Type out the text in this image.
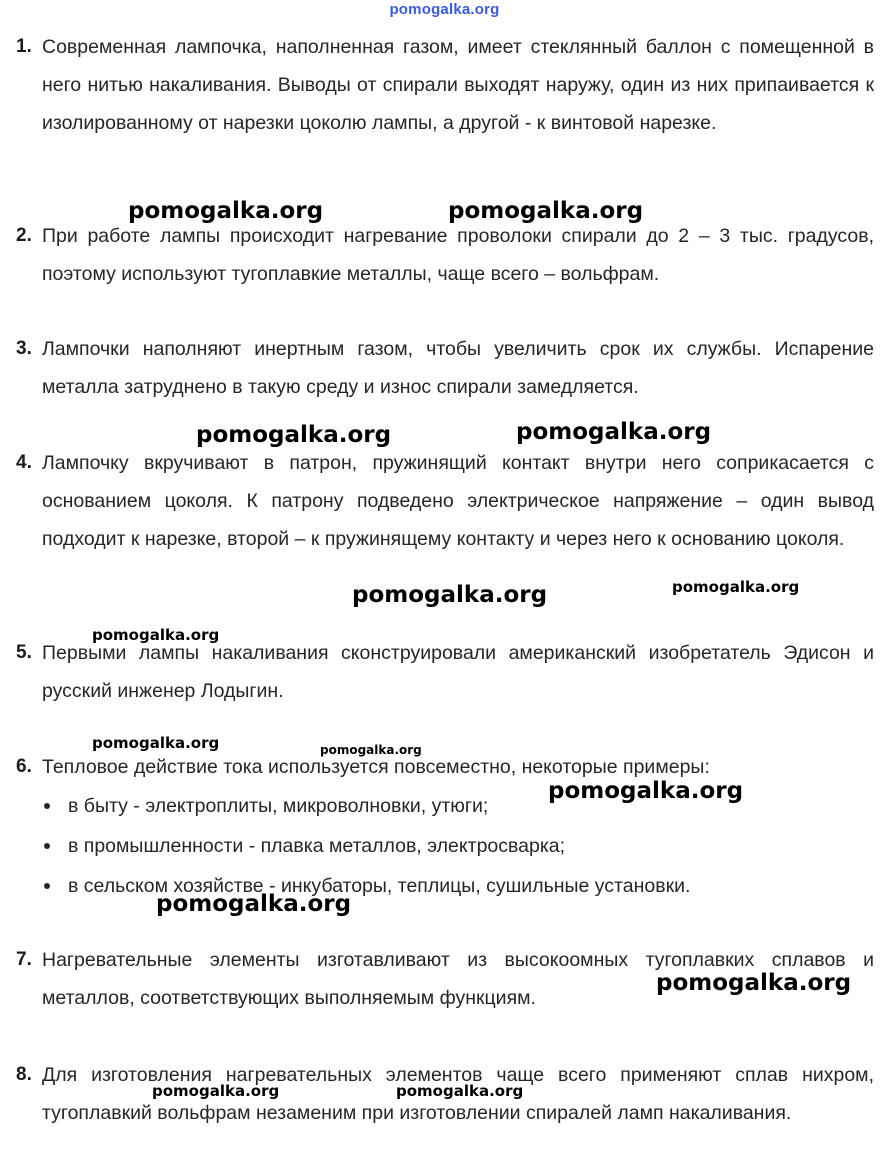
pomogalka.org
1. Современная лампочка, наполненная газом, имеет стеклянный баллон с помещенной в него нитью накаливания. Выводы от спирали выходят наружу, один из них припаивается к изолированному от нарезки цоколю лампы, а другой - к винтовой нарезке.

2. При работе лампы происходит нагревание проволоки спирали до 2 – 3 тыс. градусов, поэтому используют тугоплавкие металлы, чаще всего – вольфрам.

3. Лампочки наполняют инертным газом, чтобы увеличить срок их службы. Испарение металла затруднено в такую среду и износ спирали замедляется.

4. Лампочку вкручивают в патрон, пружинящий контакт внутри него соприкасается с основанием цоколя. К патрону подведено электрическое напряжение – один вывод подходит к нарезке, второй – к пружинящему контакту и через него к основанию цоколя.

5. Первыми лампы накаливания сконструировали американский изобретатель Эдисон и русский инженер Лодыгин.

6. Тепловое действие тока используется повсеместно, некоторые примеры:

в быту - электроплиты, микроволновки, утюги;
в промышленности - плавка металлов, электросварка;
в сельском хозяйстве - инкубаторы, теплицы, сушильные установки.
7. Нагревательные элементы изготавливают из высокоомных тугоплавких сплавов и металлов, соответствующих выполняемым функциям.

8. Для изготовления нагревательных элементов чаще всего применяют сплав нихром, тугоплавкий вольфрам незаменим при изготовлении спиралей ламп накаливания.

pomogalka.org	pomogalka.org
pomogalka.org	pomogalka.org
pomogalka.org	pomogalka.org
pomogalka.org
pomogalka.org	pomogalka.org
pomogalka.org
pomogalka.org
pomogalka.org
pomogalka.org	pomogalka.org
